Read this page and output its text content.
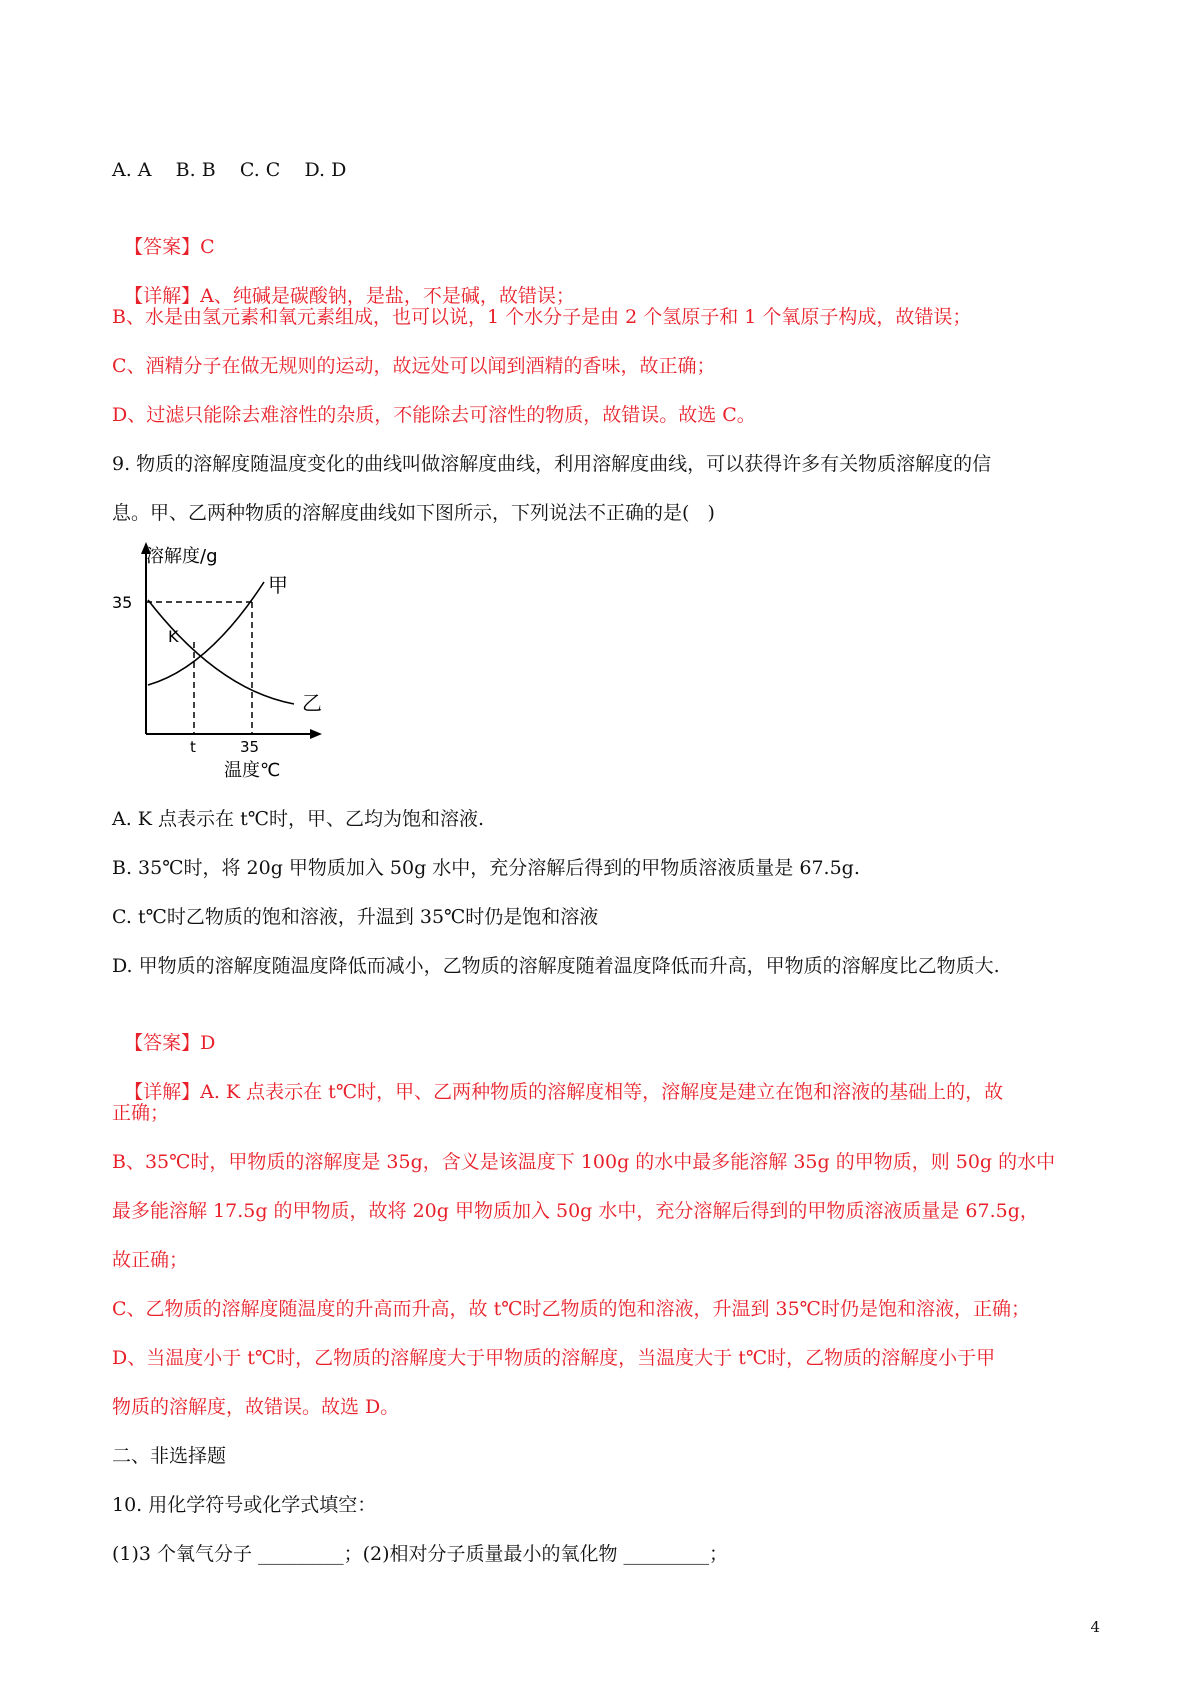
A. A    B. B    C. C    D. D

【答案】C

【详解】A、纯碱是碳酸钠，是盐，不是碱，故错误；

B、水是由氢元素和氧元素组成，也可以说，1 个水分子是由 2 个氢原子和 1 个氧原子构成，故错误；
C、酒精分子在做无规则的运动，故远处可以闻到酒精的香味，故正确；
D、过滤只能除去难溶性的杂质，不能除去可溶性的物质，故错误。故选 C。
9. 物质的溶解度随温度变化的曲线叫做溶解度曲线，利用溶解度曲线，可以获得许多有关物质溶解度的信
息。甲、乙两种物质的溶解度曲线如下图所示，下列说法不正确的是(   )
溶解度/g
35
K
甲
乙
t	35
温度℃
A. K 点表示在 t℃时，甲、乙均为饱和溶液.
B. 35℃时，将 20g 甲物质加入 50g 水中，充分溶解后得到的甲物质溶液质量是 67.5g.
C. t℃时乙物质的饱和溶液，升温到 35℃时仍是饱和溶液
D. 甲物质的溶解度随温度降低而减小，乙物质的溶解度随着温度降低而升高，甲物质的溶解度比乙物质大.

【答案】D

【详解】A. K 点表示在 t℃时，甲、乙两种物质的溶解度相等，溶解度是建立在饱和溶液的基础上的，故

正确；
B、35℃时，甲物质的溶解度是 35g，含义是该温度下 100g 的水中最多能溶解 35g 的甲物质，则 50g 的水中
最多能溶解 17.5g 的甲物质，故将 20g 甲物质加入 50g 水中，充分溶解后得到的甲物质溶液质量是 67.5g，
故正确；
C、乙物质的溶解度随温度的升高而升高，故 t℃时乙物质的饱和溶液，升温到 35℃时仍是饱和溶液，正确；
D、当温度小于 t℃时，乙物质的溶解度大于甲物质的溶解度，当温度大于 t℃时，乙物质的溶解度小于甲
物质的溶解度，故错误。故选 D。
二、非选择题
10. 用化学符号或化学式填空：
(1)3 个氧气分子 _________；(2)相对分子质量最小的氧化物 _________；
4
